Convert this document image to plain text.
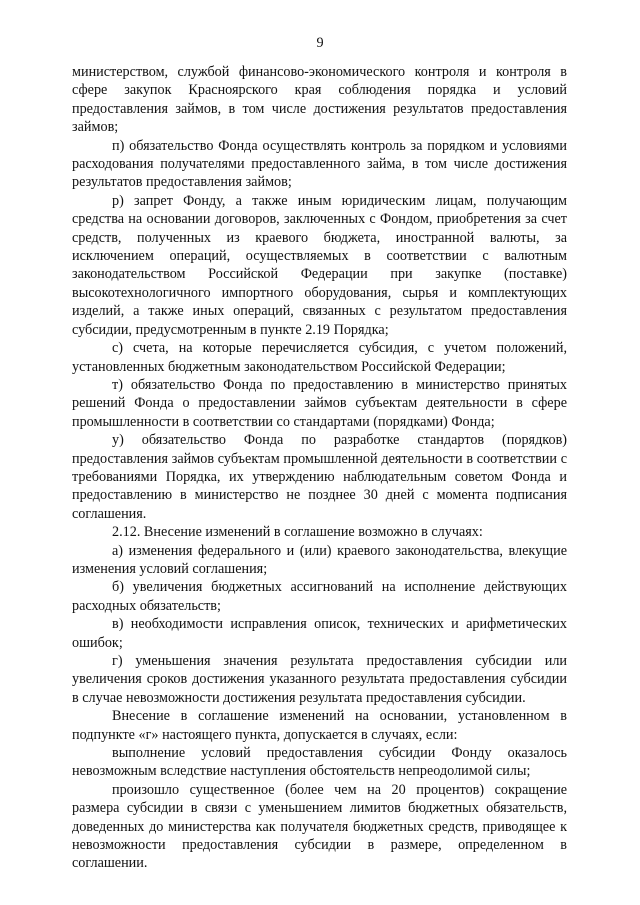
9

министерством, службой финансово-экономического контроля и контроля в сфере закупок Красноярского края соблюдения порядка и условий предоставления займов, в том числе достижения результатов предоставления займов;

п) обязательство Фонда осуществлять контроль за порядком и условиями расходования получателями предоставленного займа, в том числе достижения результатов предоставления займов;

р) запрет Фонду, а также иным юридическим лицам, получающим средства на основании договоров, заключенных с Фондом, приобретения за счет средств, полученных из краевого бюджета, иностранной валюты, за исключением операций, осуществляемых в соответствии с валютным законодательством Российской Федерации при закупке (поставке) высокотехнологичного импортного оборудования, сырья и комплектующих изделий, а также иных операций, связанных с результатом предоставления субсидии, предусмотренным в пункте 2.19 Порядка;

с) счета, на которые перечисляется субсидия, с учетом положений, установленных бюджетным законодательством Российской Федерации;

т) обязательство Фонда по предоставлению в министерство принятых решений Фонда о предоставлении займов субъектам деятельности в сфере промышленности в соответствии со стандартами (порядками) Фонда;

у) обязательство Фонда по разработке стандартов (порядков) предоставления займов субъектам промышленной деятельности в соответствии с требованиями Порядка, их утверждению наблюдательным советом Фонда и предоставлению в министерство не позднее 30 дней с момента подписания соглашения.

2.12. Внесение изменений в соглашение возможно в случаях:

а) изменения федерального и (или) краевого законодательства, влекущие изменения условий соглашения;

б) увеличения бюджетных ассигнований на исполнение действующих расходных обязательств;

в) необходимости исправления описок, технических и арифметических ошибок;

г) уменьшения значения результата предоставления субсидии или увеличения сроков достижения указанного результата предоставления субсидии в случае невозможности достижения результата предоставления субсидии.

Внесение в соглашение изменений на основании, установленном в подпункте «г» настоящего пункта, допускается в случаях, если:

выполнение условий предоставления субсидии Фонду оказалось невозможным вследствие наступления обстоятельств непреодолимой силы;

произошло существенное (более чем на 20 процентов) сокращение размера субсидии в связи с уменьшением лимитов бюджетных обязательств, доведенных до министерства как получателя бюджетных средств, приводящее к невозможности предоставления субсидии в размере, определенном в соглашении.
